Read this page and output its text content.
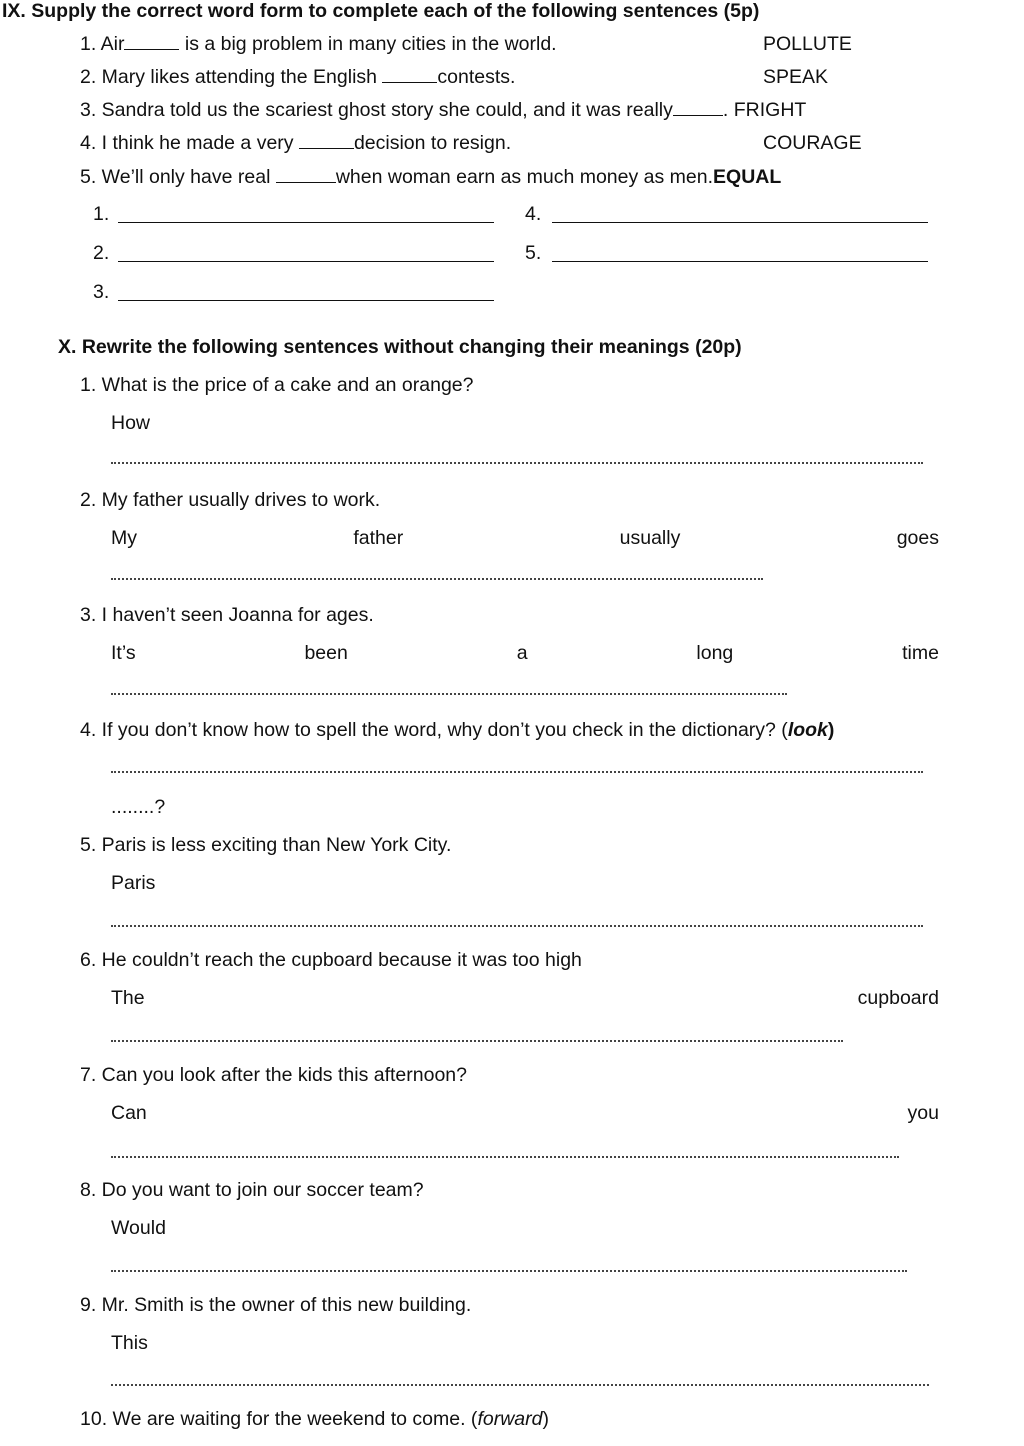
IX. Supply the correct word form to complete each of the following sentences (5p)
1. Air	is a big problem in many cities in the world.	POLLUTE
2. Mary likes attending the English	contests.	SPEAK
3. Sandra told us the scariest ghost story she could, and it was really	. FRIGHT
4. I think he made a very	decision to resign.	COURAGE
5. We’ll only have real	when woman earn as much money as men.EQUAL
1.	4.
2.	5.
3.
X. Rewrite the following sentences without changing their meanings (20p)
1. What is the price of a cake and an orange?
How
2. My father usually drives to work.
My	father	usually	goes
3. I haven’t seen Joanna for ages.
It’s	been	a	long	time
4. If you don’t know how to spell the word, why don’t you check in the dictionary? (look)
........?
5. Paris is less exciting than New York City.
Paris
6. He couldn’t reach the cupboard because it was too high
The	cupboard
7. Can you look after the kids this afternoon?
Can	you
8. Do you want to join our soccer team?
Would
9. Mr. Smith is the owner of this new building.
This
10. We are waiting for the weekend to come. (forward)
